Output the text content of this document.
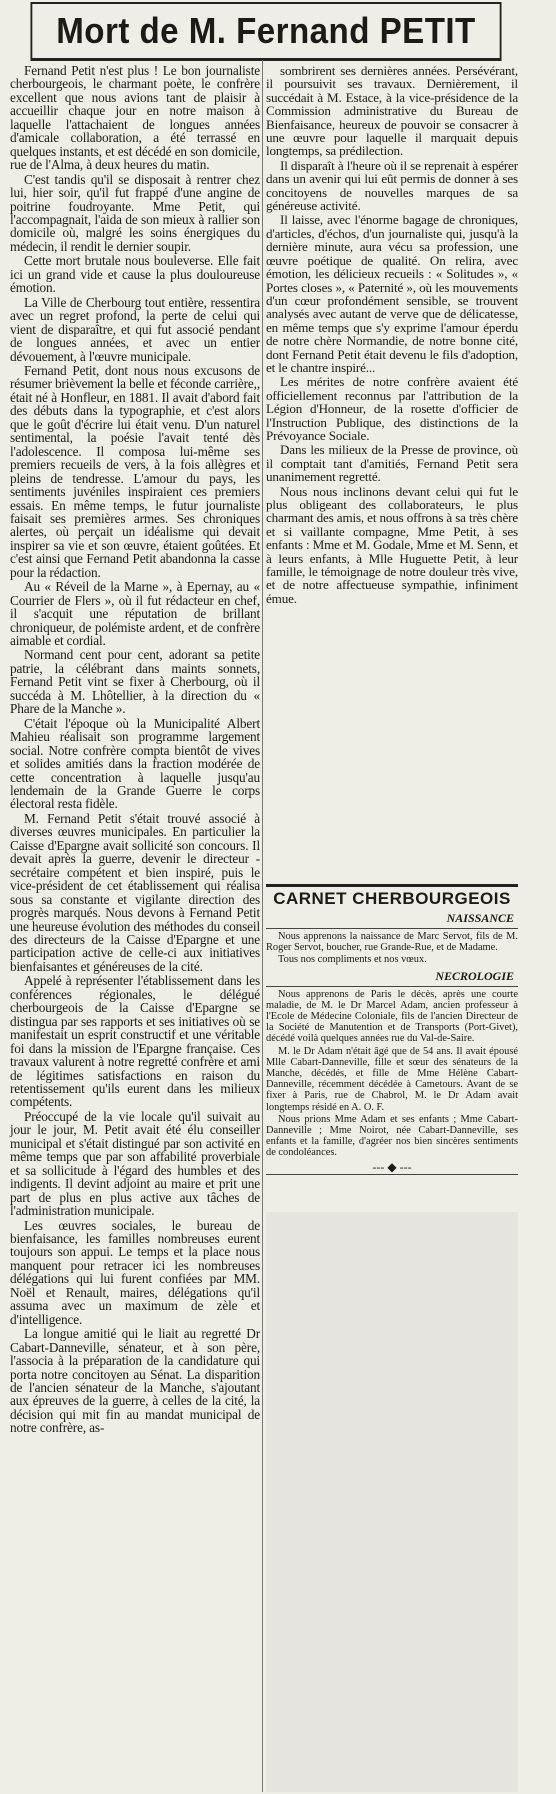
Mort de M. Fernand PETIT

Fernand Petit n'est plus ! Le bon journaliste cherbourgeois, le charmant poète, le confrère excellent que nous avions tant de plaisir à accueillir chaque jour en notre maison à laquelle l'attachaient de longues années d'amicale collaboration, a été terrassé en quelques instants, et est décédé en son domicile, rue de l'Alma, à deux heures du matin.

C'est tandis qu'il se disposait à rentrer chez lui, hier soir, qu'il fut frappé d'une angine de poitrine foudroyante. Mme Petit, qui l'accompagnait, l'aida de son mieux à rallier son domicile où, malgré les soins énergiques du médecin, il rendit le dernier soupir.

Cette mort brutale nous bouleverse. Elle fait ici un grand vide et cause la plus douloureuse émotion.

La Ville de Cherbourg tout entière, ressentira avec un regret profond, la perte de celui qui vient de disparaître, et qui fut associé pendant de longues années, et avec un entier dévouement, à l'œuvre municipale.

Fernand Petit, dont nous nous excusons de résumer brièvement la belle et féconde carrière,, était né à Honfleur, en 1881. Il avait d'abord fait des débuts dans la typographie, et c'est alors que le goût d'écrire lui était venu. D'un naturel sentimental, la poésie l'avait tenté dès l'adolescence. Il composa lui-même ses premiers recueils de vers, à la fois allègres et pleins de tendresse. L'amour du pays, les sentiments juvéniles inspiraient ces premiers essais. En même temps, le futur journaliste faisait ses premières armes. Ses chroniques alertes, où perçait un idéalisme qui devait inspirer sa vie et son œuvre, étaient goûtées. Et c'est ainsi que Fernand Petit abandonna la casse pour la rédaction.

Au « Réveil de la Marne », à Epernay, au « Courrier de Flers », où il fut rédacteur en chef, il s'acquit une réputation de brillant chroniqueur, de polémiste ardent, et de confrère aimable et cordial.

Normand cent pour cent, adorant sa petite patrie, la célébrant dans maints sonnets, Fernand Petit vint se fixer à Cherbourg, où il succéda à M. Lhôtellier, à la direction du « Phare de la Manche ».

C'était l'époque où la Municipalité Albert Mahieu réalisait son programme largement social. Notre confrère compta bientôt de vives et solides amitiés dans la fraction modérée de cette concentration à laquelle jusqu'au lendemain de la Grande Guerre le corps électoral resta fidèle.

M. Fernand Petit s'était trouvé associé à diverses œuvres municipales. En particulier la Caisse d'Epargne avait sollicité son concours. Il devait après la guerre, devenir le directeur - secrétaire compétent et bien inspiré, puis le vice-président de cet établissement qui réalisa sous sa constante et vigilante direction des progrès marqués. Nous devons à Fernand Petit une heureuse évolution des méthodes du conseil des directeurs de la Caisse d'Epargne et une participation active de celle-ci aux initiatives bienfaisantes et généreuses de la cité.

Appelé à représenter l'établissement dans les conférences régionales, le délégué cherbourgeois de la Caisse d'Epargne se distingua par ses rapports et ses initiatives où se manifestait un esprit constructif et une véritable foi dans la mission de l'Epargne française. Ces travaux valurent à notre regretté confrère et ami de légitimes satisfactions en raison du retentissement qu'ils eurent dans les milieux compétents.

Préoccupé de la vie locale qu'il suivait au jour le jour, M. Petit avait été élu conseiller municipal et s'était distingué par son activité en même temps que par son affabilité proverbiale et sa sollicitude à l'égard des humbles et des indigents. Il devint adjoint au maire et prit une part de plus en plus active aux tâches de l'administration municipale.

Les œuvres sociales, le bureau de bienfaisance, les familles nombreuses eurent toujours son appui. Le temps et la place nous manquent pour retracer ici les nombreuses délégations qui lui furent confiées par MM. Noël et Renault, maires, délégations qu'il assuma avec un maximum de zèle et d'intelligence.

La longue amitié qui le liait au regretté Dr Cabart-Danneville, sénateur, et à son père, l'associa à la préparation de la candidature qui porta notre concitoyen au Sénat. La disparition de l'ancien sénateur de la Manche, s'ajoutant aux épreuves de la guerre, à celles de la cité, la décision qui mit fin au mandat municipal de notre confrère, as-

sombrirent ses dernières années. Persévérant, il poursuivit ses travaux. Dernièrement, il succédait à M. Estace, à la vice-présidence de la Commission administrative du Bureau de Bienfaisance, heureux de pouvoir se consacrer à une œuvre pour laquelle il marquait depuis longtemps, sa prédilection.

Il disparaît à l'heure où il se reprenait à espérer dans un avenir qui lui eût permis de donner à ses concitoyens de nouvelles marques de sa généreuse activité.

Il laisse, avec l'énorme bagage de chroniques, d'articles, d'échos, d'un journaliste qui, jusqu'à la dernière minute, aura vécu sa profession, une œuvre poétique de qualité. On relira, avec émotion, les délicieux recueils : « Solitudes », « Portes closes », « Paternité », où les mouvements d'un cœur profondément sensible, se trouvent analysés avec autant de verve que de délicatesse, en même temps que s'y exprime l'amour éperdu de notre chère Normandie, de notre bonne cité, dont Fernand Petit était devenu le fils d'adoption, et le chantre inspiré...

Les mérites de notre confrère avaient été officiellement reconnus par l'attribution de la Légion d'Honneur, de la rosette d'officier de l'Instruction Publique, des distinctions de la Prévoyance Sociale.

Dans les milieux de la Presse de province, où il comptait tant d'amitiés, Fernand Petit sera unanimement regretté.

Nous nous inclinons devant celui qui fut le plus obligeant des collaborateurs, le plus charmant des amis, et nous offrons à sa très chère et si vaillante compagne, Mme Petit, à ses enfants : Mme et M. Godale, Mme et M. Senn, et à leurs enfants, à Mlle Huguette Petit, à leur famille, le témoignage de notre douleur très vive, et de notre affectueuse sympathie, infiniment émue.

CARNET CHERBOURGEOIS
NAISSANCE

Nous apprenons la naissance de Marc Servot, fils de M. Roger Servot, boucher, rue Grande-Rue, et de Madame.

Tous nos compliments et nos vœux.

NECROLOGIE

Nous apprenons de Paris le décès, après une courte maladie, de M. le Dr Marcel Adam, ancien professeur à l'Ecole de Médecine Coloniale, fils de l'ancien Directeur de la Société de Manutention et de Transports (Port-Givet), décédé voilà quelques années rue du Val-de-Saire.

M. le Dr Adam n'était âgé que de 54 ans. Il avait épousé Mlle Cabart-Danneville, fille et sœur des sénateurs de la Manche, décédés, et fille de Mme Hélène Cabart-Danneville, récemment décédée à Cametours. Avant de se fixer à Paris, rue de Chabrol, M. le Dr Adam avait longtemps résidé en A. O. F.

Nous prions Mme Adam et ses enfants ; Mme Cabart-Danneville ; Mme Noirot, née Cabart-Danneville, ses enfants et la famille, d'agréer nos bien sincères sentiments de condoléances.

--- ◆ ---
